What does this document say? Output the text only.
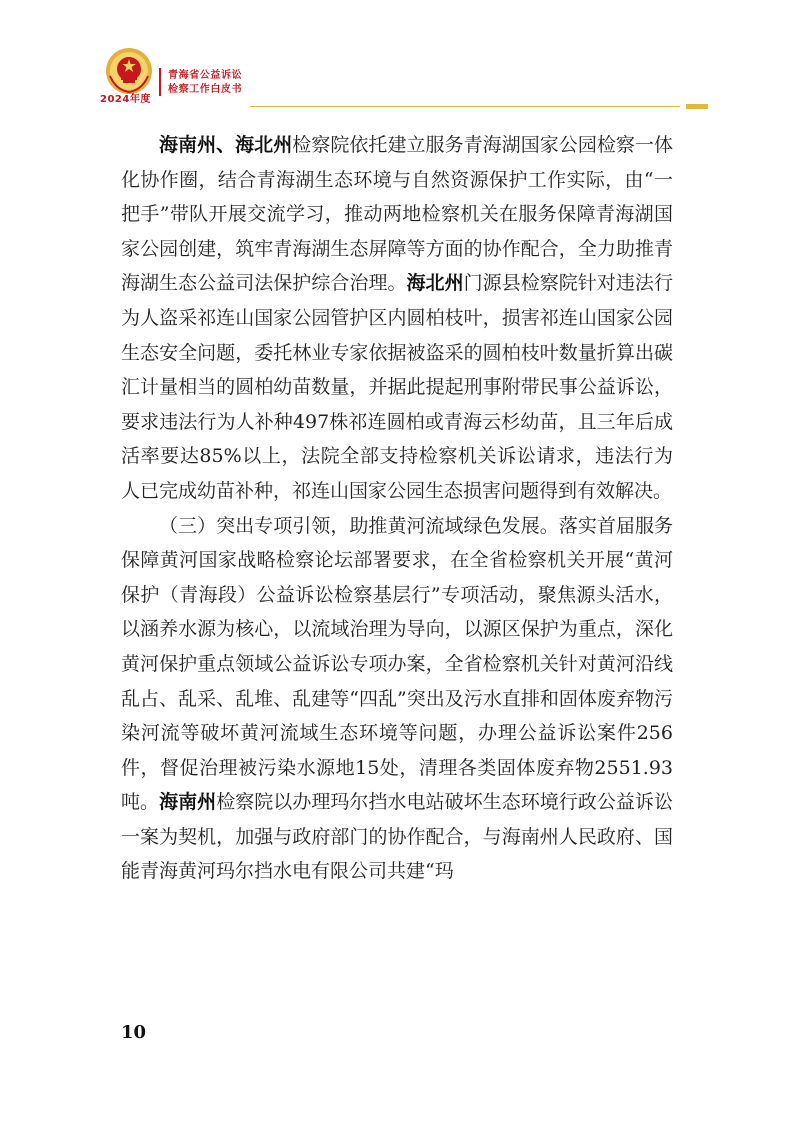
2024年度
青海省公益诉讼
检察工作白皮书

海南州、海北州检察院依托建立服务青海湖国家公园检察一体化协作圈，结合青海湖生态环境与自然资源保护工作实际，由“一把手”带队开展交流学习，推动两地检察机关在服务保障青海湖国家公园创建，筑牢青海湖生态屏障等方面的协作配合，全力助推青海湖生态公益司法保护综合治理。海北州门源县检察院针对违法行为人盗采祁连山国家公园管护区内圆柏枝叶，损害祁连山国家公园生态安全问题，委托林业专家依据被盗采的圆柏枝叶数量折算出碳汇计量相当的圆柏幼苗数量，并据此提起刑事附带民事公益诉讼，要求违法行为人补种497株祁连圆柏或青海云杉幼苗，且三年后成活率要达85%以上，法院全部支持检察机关诉讼请求，违法行为人已完成幼苗补种，祁连山国家公园生态损害问题得到有效解决。

（三）突出专项引领，助推黄河流域绿色发展。落实首届服务保障黄河国家战略检察论坛部署要求，在全省检察机关开展“黄河保护（青海段）公益诉讼检察基层行”专项活动，聚焦源头活水，以涵养水源为核心，以流域治理为导向，以源区保护为重点，深化黄河保护重点领域公益诉讼专项办案，全省检察机关针对黄河沿线乱占、乱采、乱堆、乱建等“四乱”突出及污水直排和固体废弃物污染河流等破坏黄河流域生态环境等问题，办理公益诉讼案件256件，督促治理被污染水源地15处，清理各类固体废弃物2551.93吨。海南州检察院以办理玛尔挡水电站破坏生态环境行政公益诉讼一案为契机，加强与政府部门的协作配合，与海南州人民政府、国能青海黄河玛尔挡水电有限公司共建“玛

10
